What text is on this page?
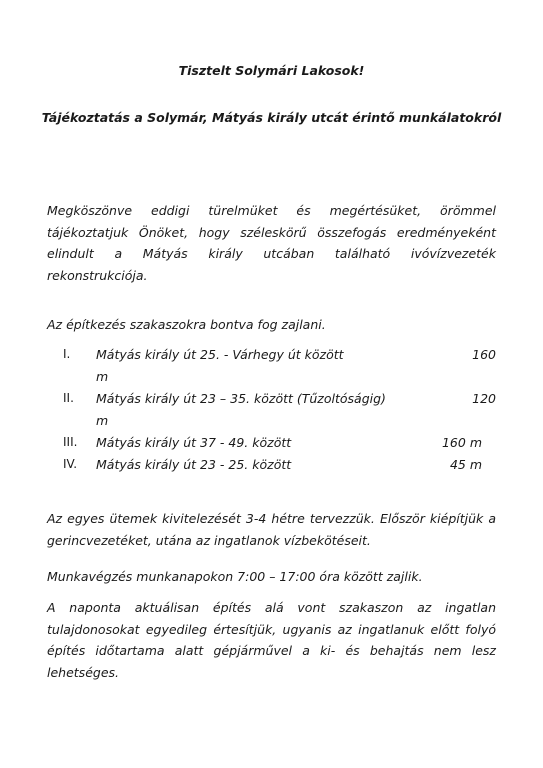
Tisztelt Solymári Lakosok!
Tájékoztatás a Solymár, Mátyás király utcát érintő munkálatokról

Megköszönve eddigi türelmüket és megértésüket, örömmel tájékoztatjuk Önöket, hogy széleskörű összefogás eredményeként elindult a Mátyás király utcában található ivóvízvezeték rekonstrukciója.

Az építkezés szakaszokra bontva fog zajlani.

I. Mátyás király út 25. - Várhegy út között	160
m
II. Mátyás király út 23 – 35. között (Tűzoltóságig)	120
m
III. Mátyás király út 37 - 49. között	160 m
IV. Mátyás király út 23 - 25. között	45 m

Az egyes ütemek kivitelezését 3-4 hétre tervezzük. Először kiépítjük a gerincvezetéket, utána az ingatlanok vízbekötéseit.

Munkavégzés munkanapokon 7:00 – 17:00 óra között zajlik.

A naponta aktuálisan építés alá vont szakaszon az ingatlan tulajdonosokat egyedileg értesítjük, ugyanis az ingatlanuk előtt folyó építés időtartama alatt gépjárművel a ki- és behajtás nem lesz lehetséges.
